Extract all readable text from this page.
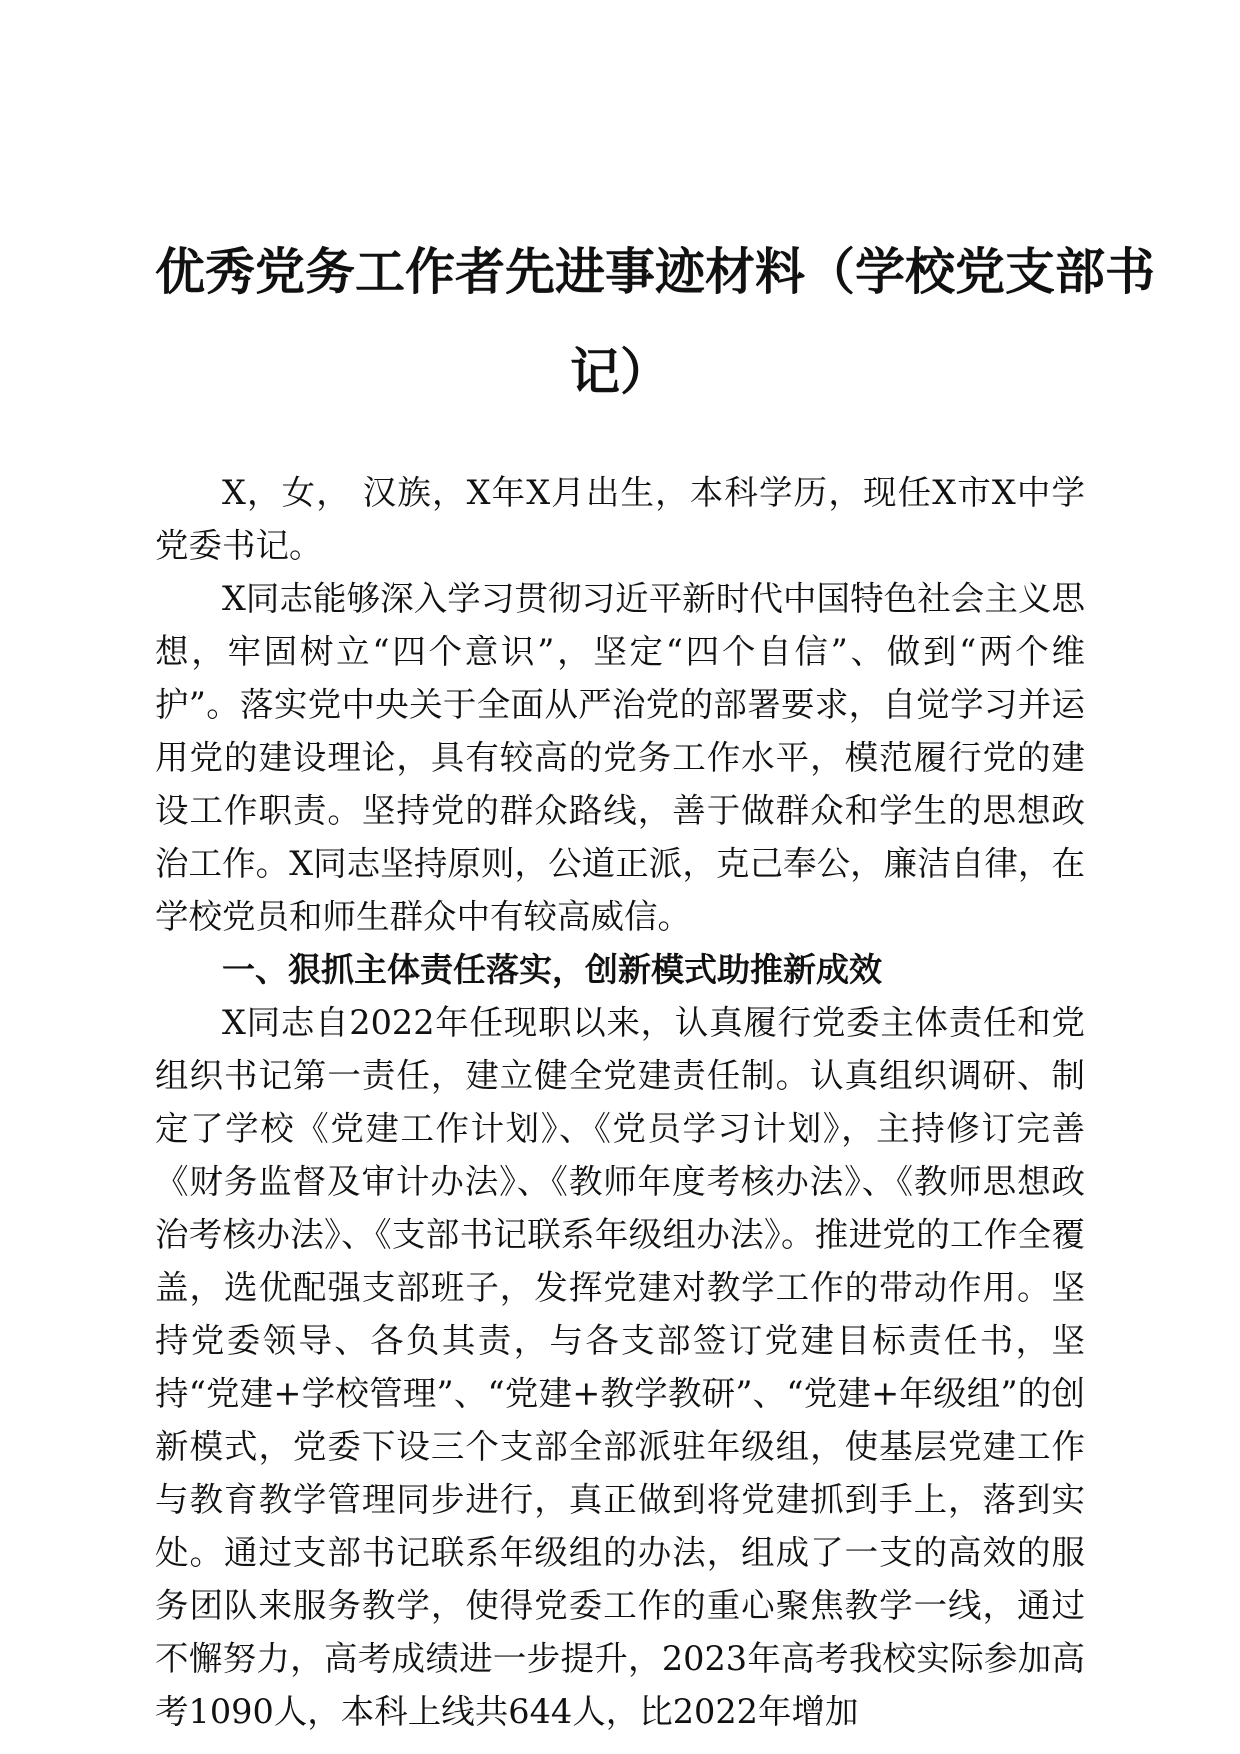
优秀党务工作者先进事迹材料（学校党支部书
记）

X，女， 汉族，X年X月出生，本科学历，现任X市X中学党委书记。

X同志能够深入学习贯彻习近平新时代中国特色社会主义思想，牢固树立“四个意识”，坚定“四个自信”、做到“两个维护”。落实党中央关于全面从严治党的部署要求，自觉学习并运用党的建设理论，具有较高的党务工作水平，模范履行党的建设工作职责。坚持党的群众路线，善于做群众和学生的思想政治工作。X同志坚持原则，公道正派，克己奉公，廉洁自律，在学校党员和师生群众中有较高威信。

一、狠抓主体责任落实，创新模式助推新成效

X同志自2022年任现职以来，认真履行党委主体责任和党组织书记第一责任，建立健全党建责任制。认真组织调研、制定了学校《党建工作计划》、《党员学习计划》，主持修订完善《财务监督及审计办法》、《教师年度考核办法》、《教师思想政治考核办法》、《支部书记联系年级组办法》。推进党的工作全覆盖，选优配强支部班子，发挥党建对教学工作的带动作用。坚持党委领导、各负其责，与各支部签订党建目标责任书，坚持“党建+学校管理”、“党建+教学教研”、“党建+年级组”的创新模式，党委下设三个支部全部派驻年级组，使基层党建工作与教育教学管理同步进行，真正做到将党建抓到手上，落到实处。通过支部书记联系年级组的办法，组成了一支的高效的服务团队来服务教学，使得党委工作的重心聚焦教学一线，通过不懈努力，高考成绩进一步提升，2023年高考我校实际参加高考1090人，本科上线共644人，比2022年增加
